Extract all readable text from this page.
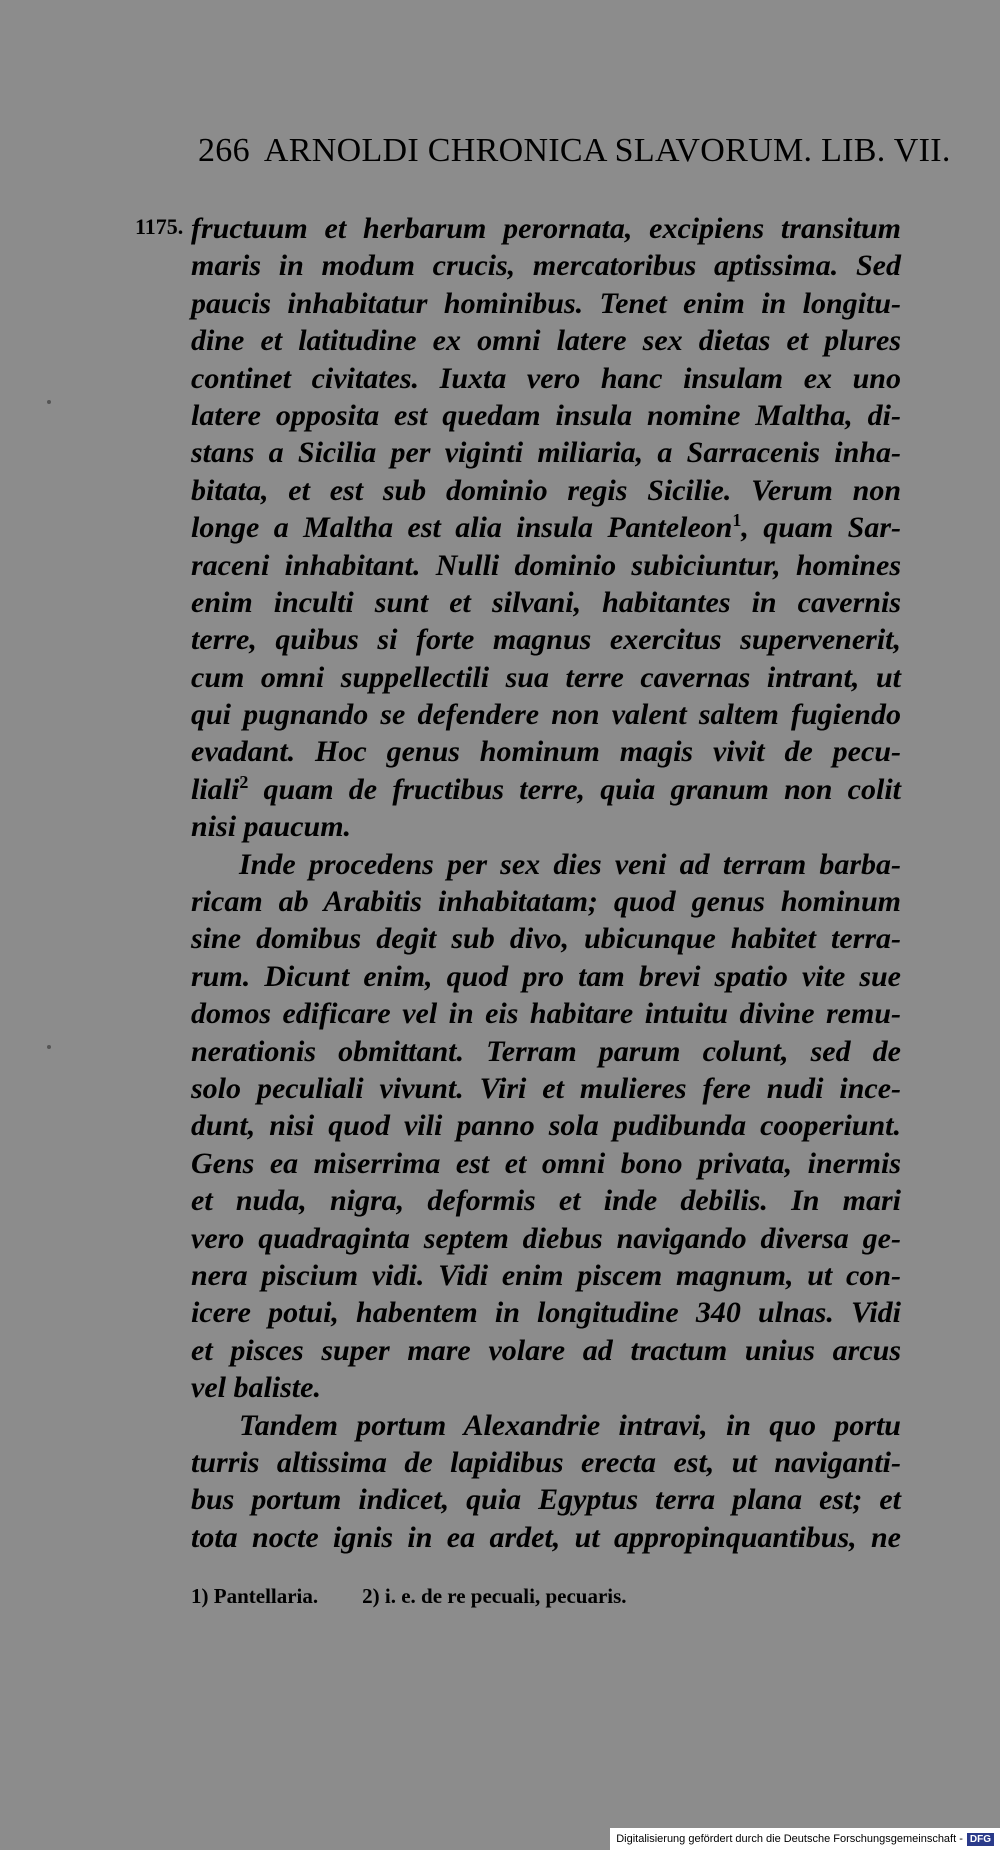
266 ARNOLDI CHRONICA SLAVORUM. LIB. VII.
1175. fructuum et herbarum perornata, excipiens transitum
maris in modum crucis, mercatoribus aptissima. Sed
paucis inhabitatur hominibus. Tenet enim in longitu-
dine et latitudine ex omni latere sex dietas et plures
continet civitates. Iuxta vero hanc insulam ex uno
latere opposita est quedam insula nomine Maltha, di-
stans a Sicilia per viginti miliaria, a Sarracenis inha-
bitata, et est sub dominio regis Sicilie. Verum non
longe a Maltha est alia insula Panteleon$^1$, quam Sar-
raceni inhabitant. Nulli dominio subiciuntur, homines
enim inculti sunt et silvani, habitantes in cavernis
terre, quibus si forte magnus exercitus supervenerit,
cum omni suppellectili sua terre cavernas intrant, ut
qui pugnando se defendere non valent saltem fugiendo
evadant. Hoc genus hominum magis vivit de pecu-
liali$^2$ quam de fructibus terre, quia granum non colit
nisi paucum.
Inde procedens per sex dies veni ad terram barba-
ricam ab Arabitis inhabitatam; quod genus hominum
sine domibus degit sub divo, ubicunque habitet terra-
rum. Dicunt enim, quod pro tam brevi spatio vite sue
domos edificare vel in eis habitare intuitu divine remu-
nerationis obmittant. Terram parum colunt, sed de
solo peculiali vivunt. Viri et mulieres fere nudi ince-
dunt, nisi quod vili panno sola pudibunda cooperiunt.
Gens ea miserrima est et omni bono privata, inermis
et nuda, nigra, deformis et inde debilis. In mari
vero quadraginta septem diebus navigando diversa ge-
nera piscium vidi. Vidi enim piscem magnum, ut con-
icere potui, habentem in longitudine 340 ulnas. Vidi
et pisces super mare volare ad tractum unius arcus
vel baliste.
Tandem portum Alexandrie intravi, in quo portu
turris altissima de lapidibus erecta est, ut naviganti-
bus portum indicet, quia Egyptus terra plana est; et
tota nocte ignis in ea ardet, ut appropinquantibus, ne
1) Pantellaria. 2) i. e. de re pecuali, pecuaris.
Digitalisierung gefördert durch die Deutsche Forschungsgemeinschaft - DFG
